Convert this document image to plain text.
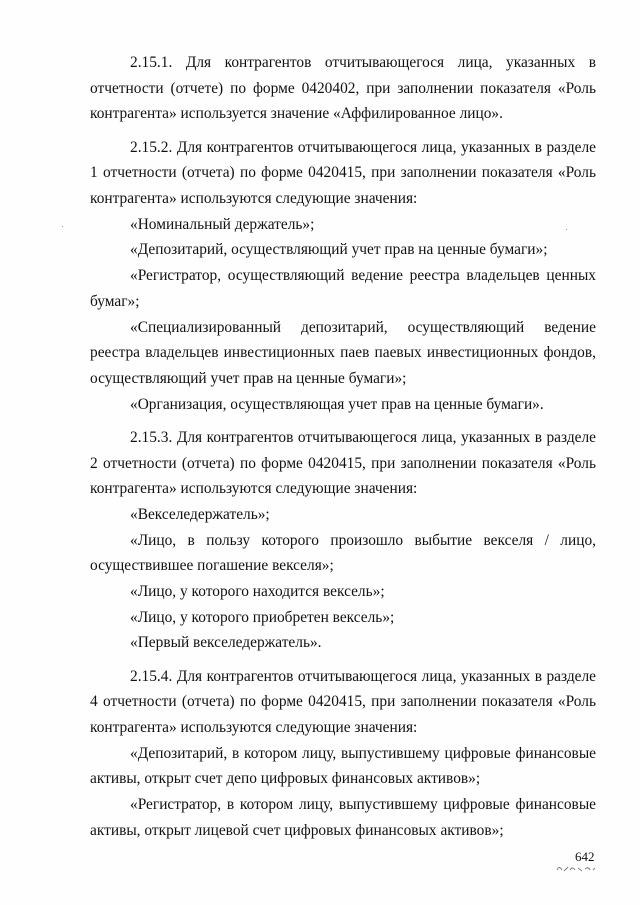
2.15.1. Для контрагентов отчитывающегося лица, указанных в отчетности (отчете) по форме 0420402, при заполнении показателя «Роль контрагента» используется значение «Аффилированное лицо».

2.15.2. Для контрагентов отчитывающегося лица, указанных в разделе 1 отчетности (отчета) по форме 0420415, при заполнении показателя «Роль контрагента» используются следующие значения:

«Номинальный держатель»;

«Депозитарий, осуществляющий учет прав на ценные бумаги»;

«Регистратор, осуществляющий ведение реестра владельцев ценных бумаг»;

«Специализированный депозитарий, осуществляющий ведение реестра владельцев инвестиционных паев паевых инвестиционных фондов, осуществляющий учет прав на ценные бумаги»;

«Организация, осуществляющая учет прав на ценные бумаги».

2.15.3. Для контрагентов отчитывающегося лица, указанных в разделе 2 отчетности (отчета) по форме 0420415, при заполнении показателя «Роль контрагента» используются следующие значения:

«Векселедержатель»;

«Лицо, в пользу которого произошло выбытие векселя / лицо, осуществившее погашение векселя»;

«Лицо, у которого находится вексель»;

«Лицо, у которого приобретен вексель»;

«Первый векселедержатель».

2.15.4. Для контрагентов отчитывающегося лица, указанных в разделе 4 отчетности (отчета) по форме 0420415, при заполнении показателя «Роль контрагента» используются следующие значения:

«Депозитарий, в котором лицу, выпустившему цифровые финансовые активы, открыт счет депо цифровых финансовых активов»;

«Регистратор, в котором лицу, выпустившему цифровые финансовые активы, открыт лицевой счет цифровых финансовых активов»;

642
